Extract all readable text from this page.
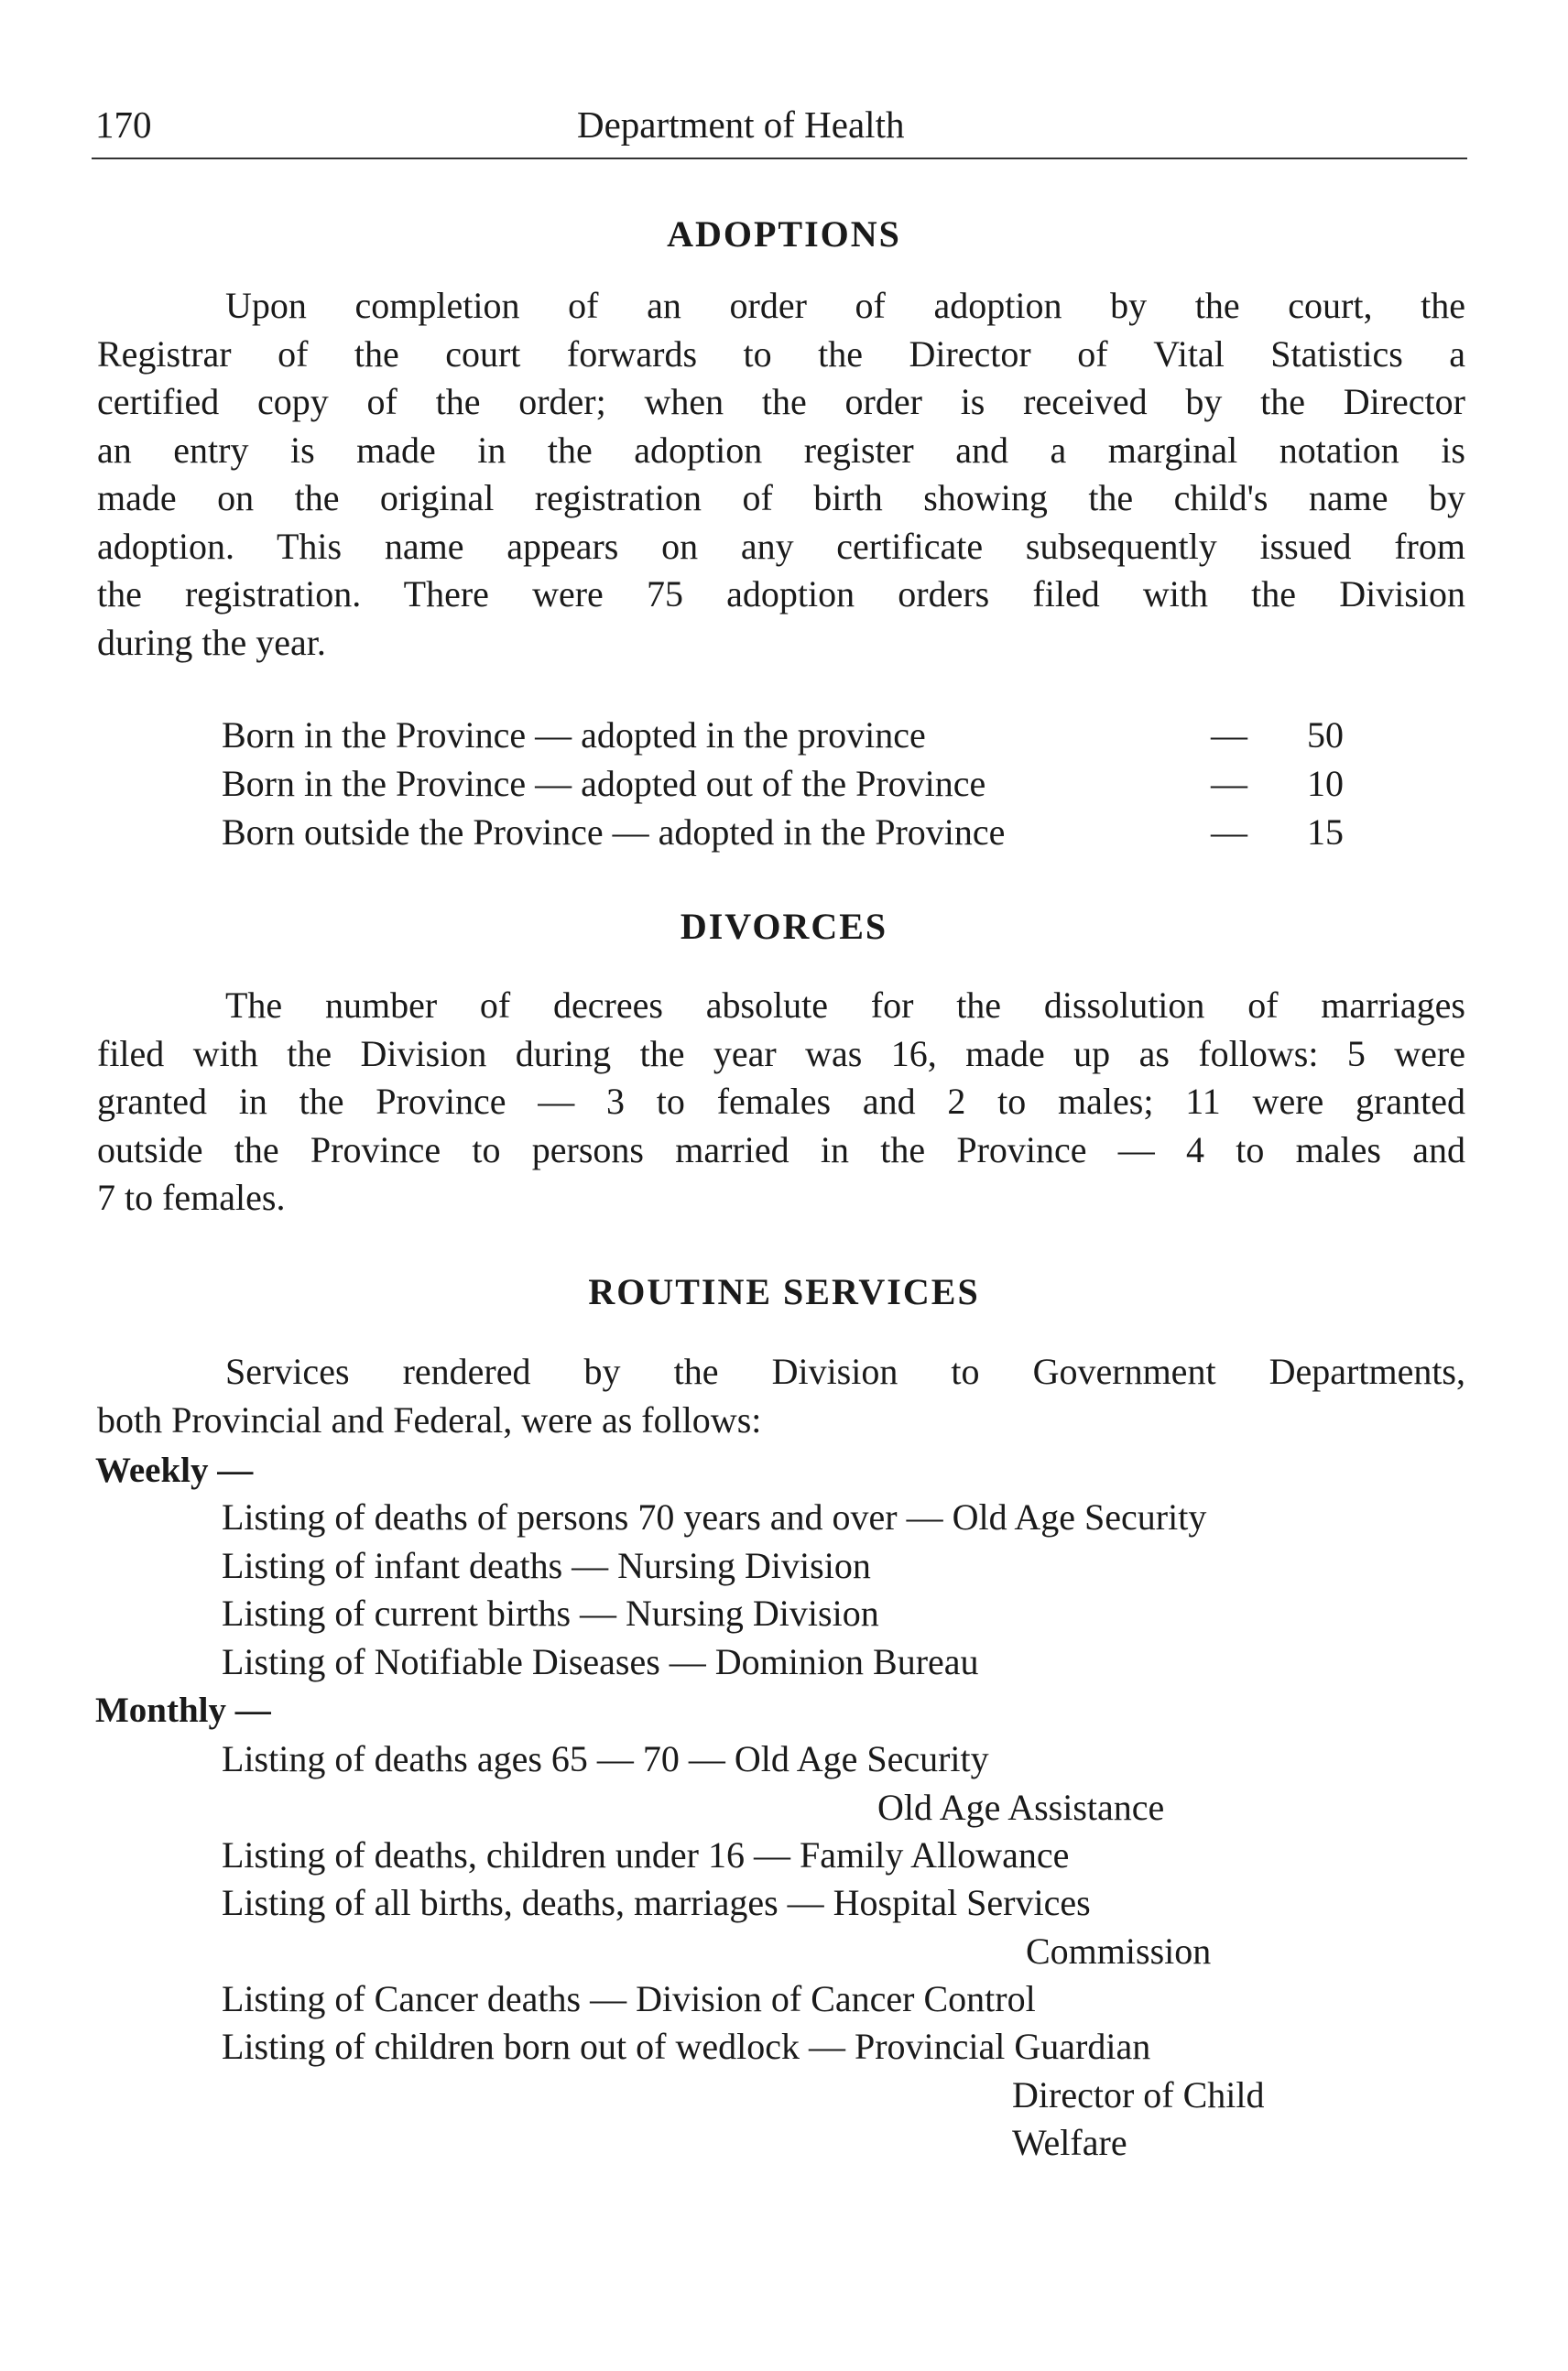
170	Department of Health
ADOPTIONS
Upon completion of an order of adoption by the court, the
Registrar of the court forwards to the Director of Vital Statistics a
certified copy of the order; when the order is received by the Director
an entry is made in the adoption register and a marginal notation is
made on the original registration of birth showing the child's name by
adoption. This name appears on any certificate subsequently issued from
the registration. There were 75 adoption orders filed with the Division
during the year.
Born in the Province — adopted in the province	— 50
Born in the Province — adopted out of the Province	— 10
Born outside the Province — adopted in the Province	— 15
DIVORCES
The number of decrees absolute for the dissolution of marriages
filed with the Division during the year was 16, made up as follows: 5 were
granted in the Province — 3 to females and 2 to males; 11 were granted
outside the Province to persons married in the Province — 4 to males and
7 to females.
ROUTINE SERVICES
Services rendered by the Division to Government Departments,
both Provincial and Federal, were as follows:
Weekly —
Listing of deaths of persons 70 years and over — Old Age Security
Listing of infant deaths — Nursing Division
Listing of current births — Nursing Division
Listing of Notifiable Diseases — Dominion Bureau
Monthly —
Listing of deaths ages 65 — 70 — Old Age Security
Old Age Assistance
Listing of deaths, children under 16 — Family Allowance
Listing of all births, deaths, marriages — Hospital Services
Commission
Listing of Cancer deaths — Division of Cancer Control
Listing of children born out of wedlock — Provincial Guardian
Director of Child
Welfare
